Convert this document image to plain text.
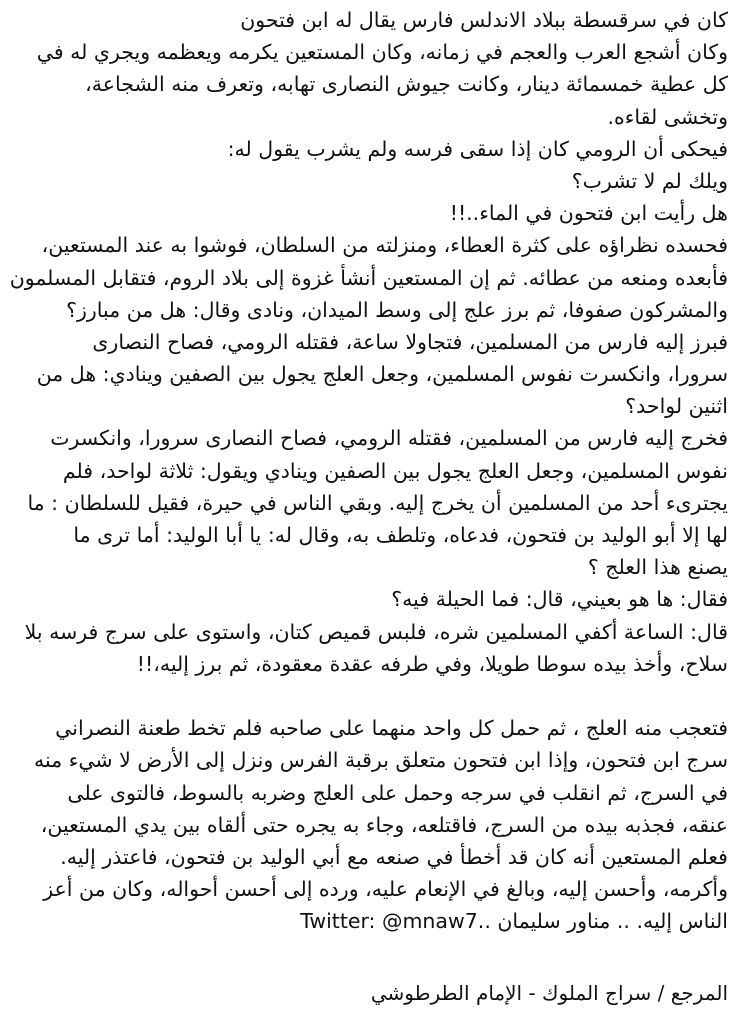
كان في سرقسطة ببلاد الاندلس فارس يقال له ابن فتحون
وكان أشجع العرب والعجم في زمانه، وكان المستعين يكرمه ويعظمه ويجري له في
كل عطية خمسمائة دينار، وكانت جيوش النصارى تهابه، وتعرف منه الشجاعة،
وتخشى لقاءه.
فيحكى أن الرومي كان إذا سقى فرسه ولم يشرب يقول له:
ويلك لم لا تشرب؟
هل رأيت ابن فتحون في الماء..!!
فحسده نظراؤه على كثرة العطاء، ومنزلته من السلطان، فوشوا به عند المستعين،
فأبعده ومنعه من عطائه. ثم إن المستعين أنشأ غزوة إلى بلاد الروم، فتقابل المسلمون
والمشركون صفوفا، ثم برز علج إلى وسط الميدان، ونادى وقال: هل من مبارز؟
فبرز إليه فارس من المسلمين، فتجاولا ساعة، فقتله الرومي، فصاح النصارى
سرورا، وانكسرت نفوس المسلمين، وجعل العلج يجول بين الصفين وينادي: هل من
اثنين لواحد؟
فخرج إليه فارس من المسلمين، فقتله الرومي، فصاح النصارى سرورا، وانكسرت
نفوس المسلمين، وجعل العلج يجول بين الصفين وينادي ويقول: ثلاثة لواحد، فلم
يجترىء أحد من المسلمين أن يخرج إليه. وبقي الناس في حيرة، فقيل للسلطان : ما
لها إلا أبو الوليد بن فتحون، فدعاه، وتلطف به، وقال له: يا أبا الوليد: أما ترى ما
يصنع هذا العلج ؟
فقال: ها هو بعيني، قال: فما الحيلة فيه؟
قال: الساعة أكفي المسلمين شره، فلبس قميص كتان، واستوى على سرج فرسه بلا
سلاح، وأخذ بيده سوطا طويلا، وفي طرفه عقدة معقودة، ثم برز إليه،!!
فتعجب منه العلج ، ثم حمل كل واحد منهما على صاحبه فلم تخط طعنة النصراني
سرج ابن فتحون، وإذا ابن فتحون متعلق برقبة الفرس ونزل إلى الأرض لا شيء منه
في السرج، ثم انقلب في سرجه وحمل على العلج وضربه بالسوط، فالتوى على
عنقه، فجذبه بيده من السرج، فاقتلعه، وجاء به يجره حتى ألقاه بين يدي المستعين،
فعلم المستعين أنه كان قد أخطأ في صنعه مع أبي الوليد بن فتحون، فاعتذر إليه.
وأكرمه، وأحسن إليه، وبالغ في الإنعام عليه، ورده إلى أحسن أحواله، وكان من أعز
الناس إليه. .. مناور سليمان ..Twitter: @mnaw7
المرجع / سراج الملوك - الإمام الطرطوشي
